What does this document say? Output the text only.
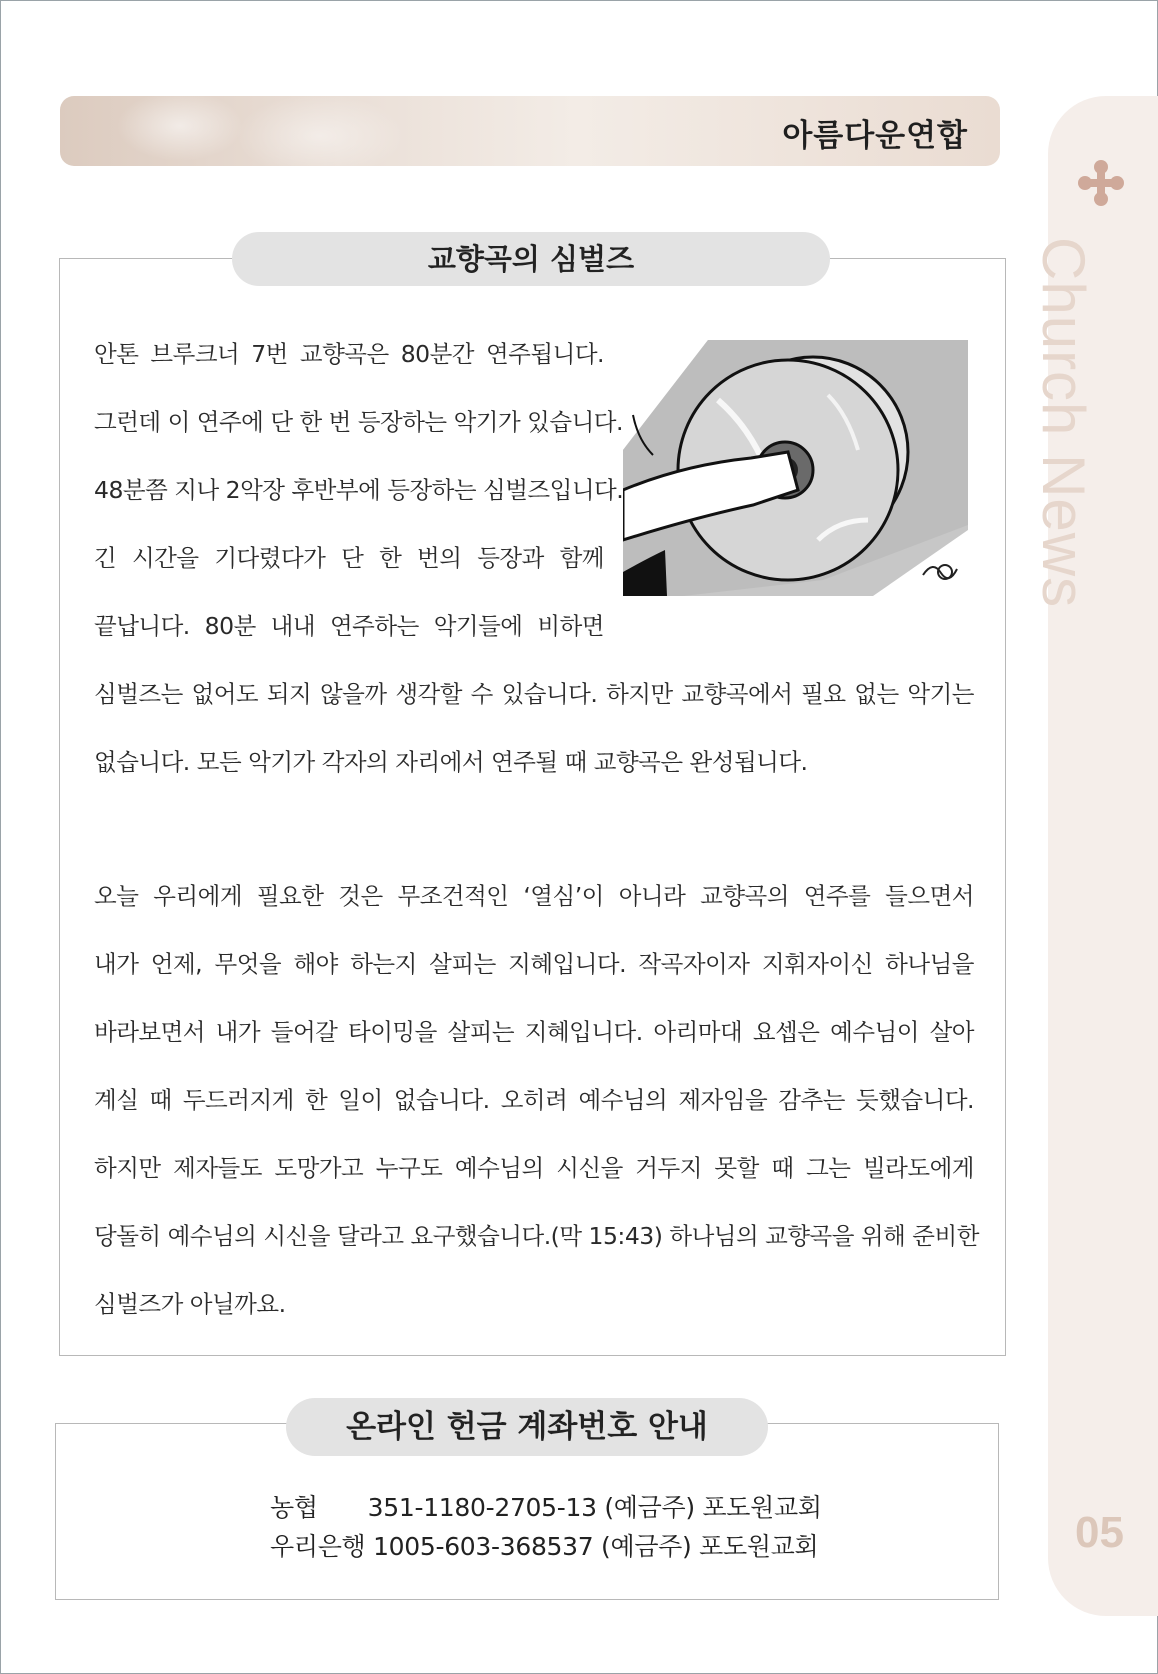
아름다운연합
Church News
05
교향곡의 심벌즈

안톤 브루크너 7번 교향곡은 80분간 연주됩니다.
그런데 이 연주에 단 한 번 등장하는 악기가 있습니다.
48분쯤 지나 2악장 후반부에 등장하는 심벌즈입니다.
긴 시간을 기다렸다가 단 한 번의 등장과 함께
끝납니다. 80분 내내 연주하는 악기들에 비하면

심벌즈는 없어도 되지 않을까 생각할 수 있습니다. 하지만 교향곡에서 필요 없는 악기는
없습니다. 모든 악기가 각자의 자리에서 연주될 때 교향곡은 완성됩니다.

오늘 우리에게 필요한 것은 무조건적인 ‘열심’이 아니라 교향곡의 연주를 들으면서
내가 언제, 무엇을 해야 하는지 살피는 지혜입니다. 작곡자이자 지휘자이신 하나님을
바라보면서 내가 들어갈 타이밍을 살피는 지혜입니다. 아리마대 요셉은 예수님이 살아
계실 때 두드러지게 한 일이 없습니다. 오히려 예수님의 제자임을 감추는 듯했습니다.
하지만 제자들도 도망가고 누구도 예수님의 시신을 거두지 못할 때 그는 빌라도에게
당돌히 예수님의 시신을 달라고 요구했습니다.(막 15:43) 하나님의 교향곡을 위해 준비한
심벌즈가 아닐까요.

온라인 헌금 계좌번호 안내
농협 351-1180-2705-13 (예금주) 포도원교회
우리은행 1005-603-368537 (예금주) 포도원교회
